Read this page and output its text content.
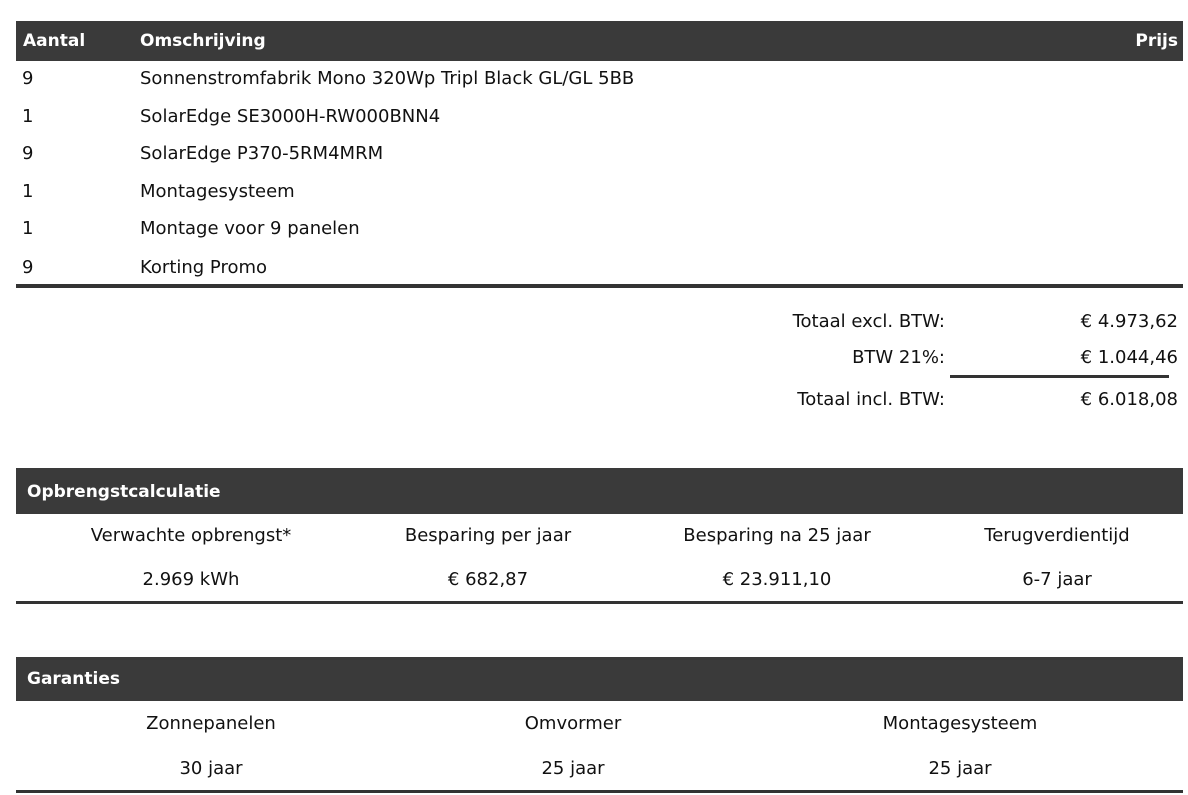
Aantal	Omschrijving	Prijs
9	Sonnenstromfabrik Mono 320Wp Tripl Black GL/GL 5BB
1	SolarEdge SE3000H-RW000BNN4
9	SolarEdge P370-5RM4MRM
1	Montagesysteem
1	Montage voor 9 panelen
9	Korting Promo
Totaal excl. BTW:	€ 4.973,62
BTW 21%:	€ 1.044,46
Totaal incl. BTW:	€ 6.018,08
Opbrengstcalculatie
Verwachte opbrengst*	Besparing per jaar	Besparing na 25 jaar	Terugverdientijd
2.969 kWh	€ 682,87	€ 23.911,10	6-7 jaar
Garanties
Zonnepanelen	Omvormer	Montagesysteem
30 jaar	25 jaar	25 jaar
